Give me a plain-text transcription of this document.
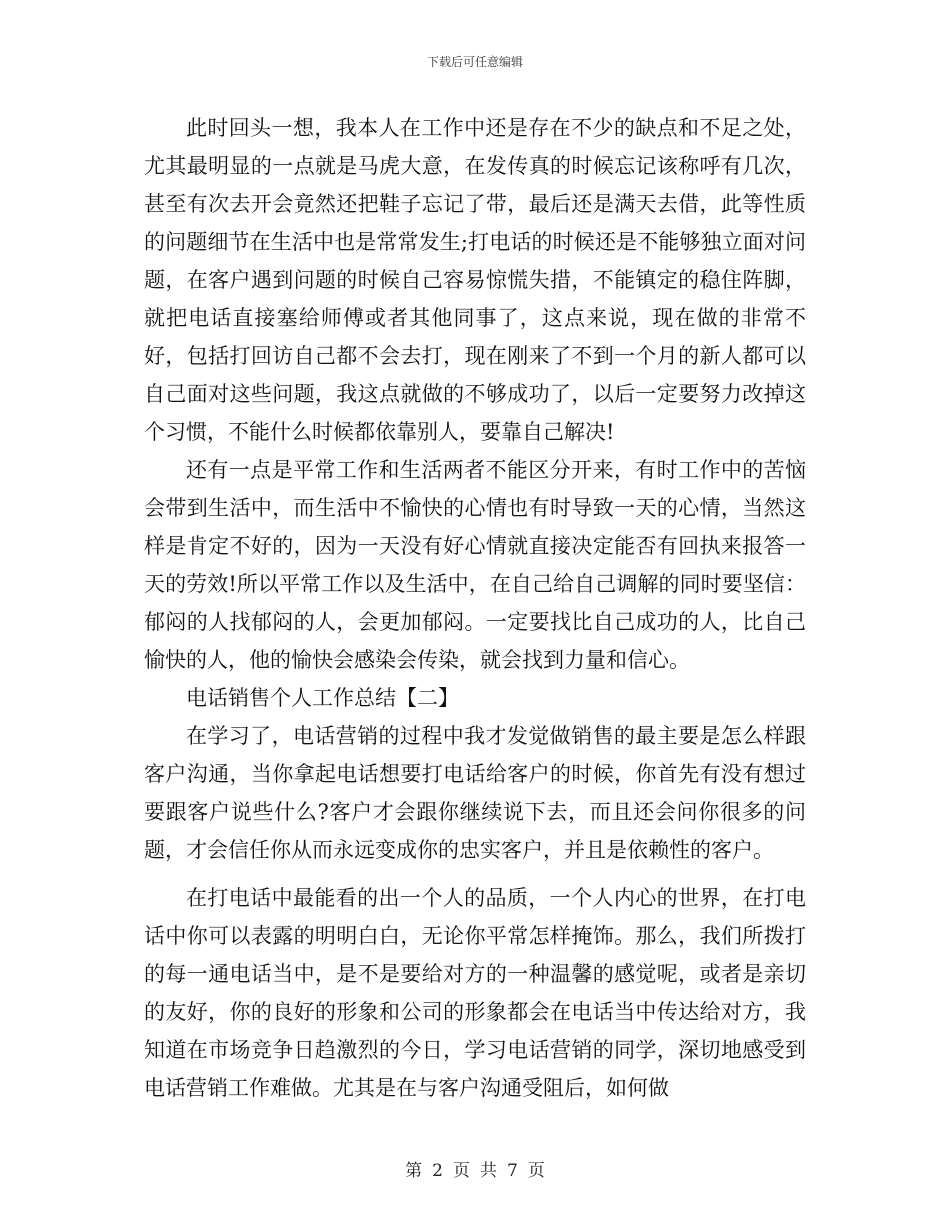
下载后可任意编辑

此时回头一想，我本人在工作中还是存在不少的缺点和不足之处，尤其最明显的一点就是马虎大意，在发传真的时候忘记该称呼有几次，甚至有次去开会竟然还把鞋子忘记了带，最后还是满天去借，此等性质的问题细节在生活中也是常常发生;打电话的时候还是不能够独立面对问题，在客户遇到问题的时候自己容易惊慌失措，不能镇定的稳住阵脚，就把电话直接塞给师傅或者其他同事了，这点来说，现在做的非常不好，包括打回访自己都不会去打，现在刚来了不到一个月的新人都可以自己面对这些问题，我这点就做的不够成功了，以后一定要努力改掉这个习惯，不能什么时候都依靠别人，要靠自己解决!

还有一点是平常工作和生活两者不能区分开来，有时工作中的苦恼会带到生活中，而生活中不愉快的心情也有时导致一天的心情，当然这样是肯定不好的，因为一天没有好心情就直接决定能否有回执来报答一天的劳效!所以平常工作以及生活中，在自己给自己调解的同时要坚信：郁闷的人找郁闷的人，会更加郁闷。一定要找比自己成功的人，比自己愉快的人，他的愉快会感染会传染，就会找到力量和信心。

电话销售个人工作总结【二】

在学习了，电话营销的过程中我才发觉做销售的最主要是怎么样跟客户沟通，当你拿起电话想要打电话给客户的时候，你首先有没有想过要跟客户说些什么?客户才会跟你继续说下去，而且还会问你很多的问题，才会信任你从而永远变成你的忠实客户，并且是依赖性的客户。

在打电话中最能看的出一个人的品质，一个人内心的世界，在打电话中你可以表露的明明白白，无论你平常怎样掩饰。那么，我们所拨打的每一通电话当中，是不是要给对方的一种温馨的感觉呢，或者是亲切的友好，你的良好的形象和公司的形象都会在电话当中传达给对方，我知道在市场竞争日趋激烈的今日，学习电话营销的同学，深切地感受到电话营销工作难做。尤其是在与客户沟通受阻后，如何做

第 2 页 共 7 页
